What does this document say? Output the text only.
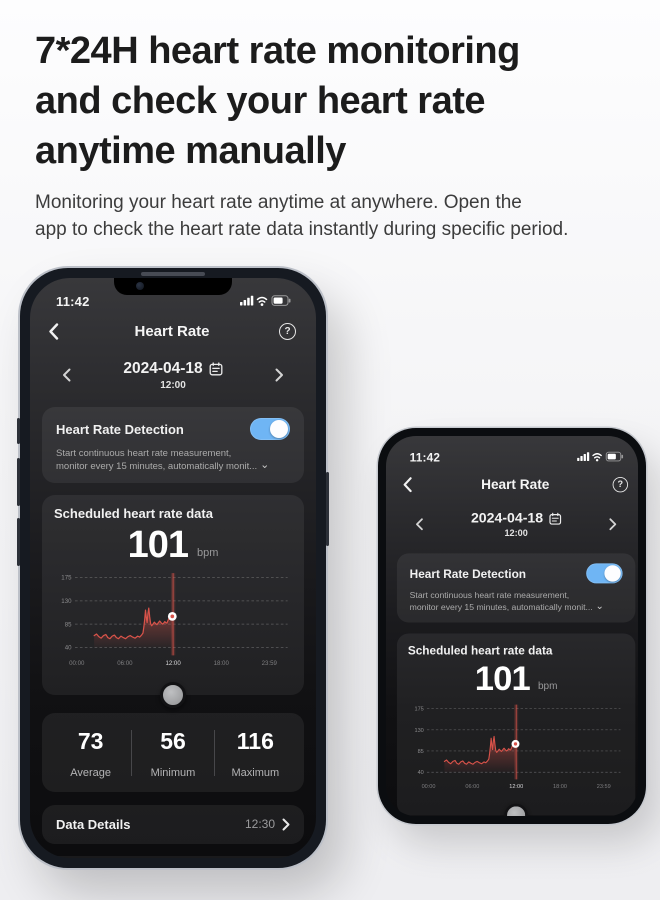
7*24H heart rate monitoring
and check your heart rate
anytime manually
Monitoring your heart rate anytime at anywhere. Open the
app to check the heart rate data instantly during specific period.
11:42
Heart Rate	?
2024-04-18
12:00
Heart Rate Detection
Start continuous heart rate measurement,
monitor every 15 minutes, automatically monit... ⌄
Scheduled heart rate data
101 bpm
175
130
85
40
00:00	06:00	12:00	18:00	23:59
73
Average
56
Minimum
116
Maximum
Data Details	12:30
11:42
Heart Rate	?
2024-04-18
12:00
Heart Rate Detection
Start continuous heart rate measurement,
monitor every 15 minutes, automatically monit... ⌄
Scheduled heart rate data
101 bpm
175
130
85
40
00:00	06:00	12:00	18:00	23:59
